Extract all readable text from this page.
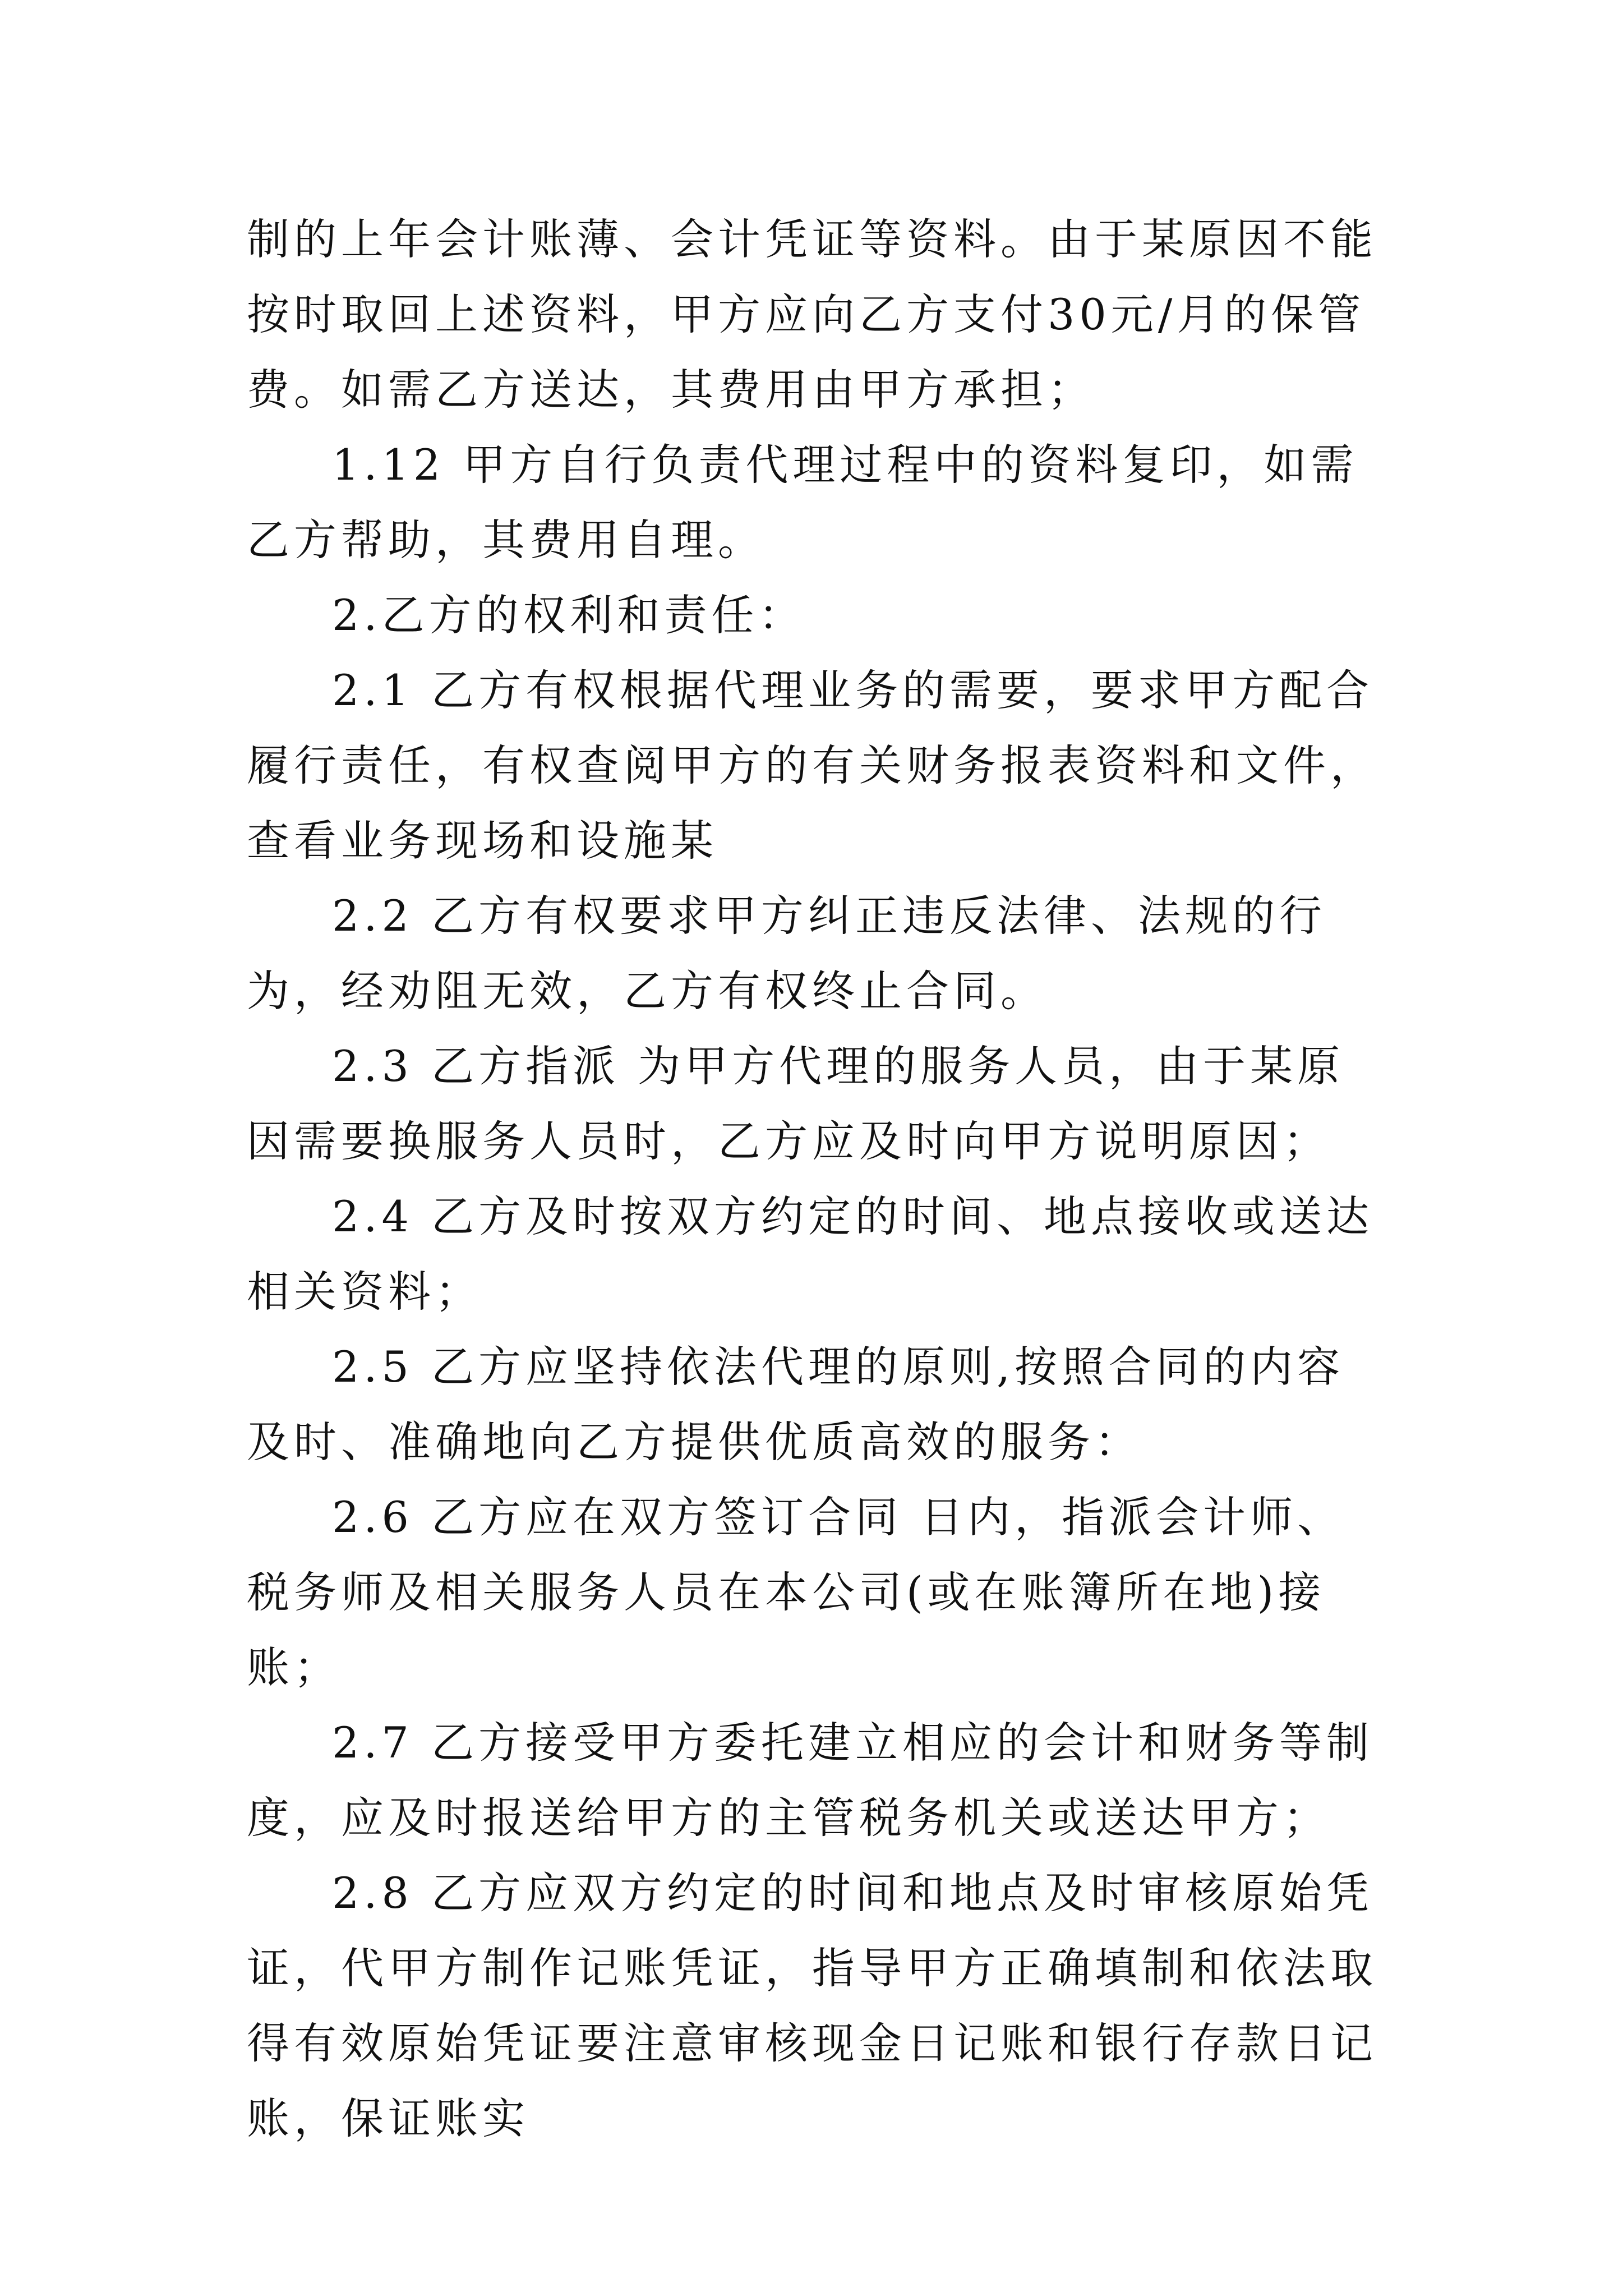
制的上年会计账薄、会计凭证等资料。由于某原因不能按时取回上述资料，甲方应向乙方支付30元/月的保管费。如需乙方送达，其费用由甲方承担；

1.12 甲方自行负责代理过程中的资料复印，如需乙方帮助，其费用自理。

2.乙方的权利和责任：

2.1 乙方有权根据代理业务的需要，要求甲方配合履行责任，有权查阅甲方的有关财务报表资料和文件，查看业务现场和设施某

2.2 乙方有权要求甲方纠正违反法律、法规的行为，经劝阻无效，乙方有权终止合同。

2.3 乙方指派 为甲方代理的服务人员，由于某原因需要换服务人员时，乙方应及时向甲方说明原因；

2.4 乙方及时按双方约定的时间、地点接收或送达相关资料；

2.5 乙方应坚持依法代理的原则,按照合同的内容及时、准确地向乙方提供优质高效的服务：

2.6 乙方应在双方签订合同 日内，指派会计师、税务师及相关服务人员在本公司(或在账簿所在地)接账；

2.7 乙方接受甲方委托建立相应的会计和财务等制度，应及时报送给甲方的主管税务机关或送达甲方；

2.8 乙方应双方约定的时间和地点及时审核原始凭证，代甲方制作记账凭证，指导甲方正确填制和依法取得有效原始凭证要注意审核现金日记账和银行存款日记账，保证账实
